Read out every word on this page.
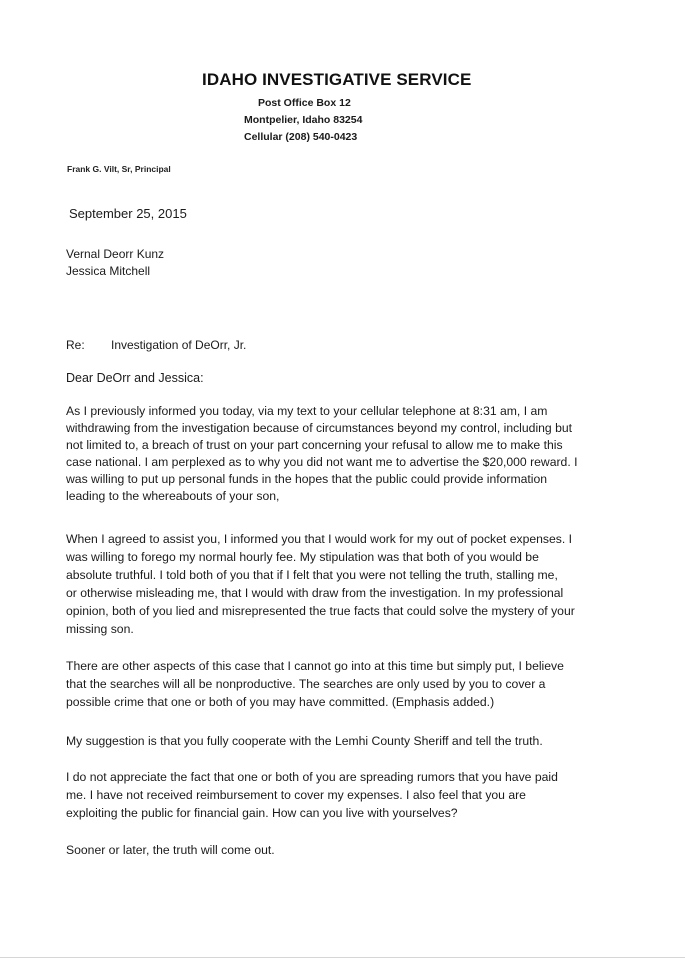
IDAHO INVESTIGATIVE SERVICE
Post Office Box 12
Montpelier, Idaho 83254
Cellular (208) 540-0423
Frank G. Vilt, Sr, Principal
September 25, 2015
Vernal Deorr Kunz
Jessica Mitchell
Re: Investigation of DeOrr, Jr.
Dear DeOrr and Jessica:
As I previously informed you today, via my text to your cellular telephone at 8:31 am, I am
withdrawing from the investigation because of circumstances beyond my control, including but
not limited to, a breach of trust on your part concerning your refusal to allow me to make this
case national. I am perplexed as to why you did not want me to advertise the $20,000 reward. I
was willing to put up personal funds in the hopes that the public could provide information
leading to the whereabouts of your son,
When I agreed to assist you, I informed you that I would work for my out of pocket expenses. I
was willing to forego my normal hourly fee. My stipulation was that both of you would be
absolute truthful. I told both of you that if I felt that you were not telling the truth, stalling me,
or otherwise misleading me, that I would with draw from the investigation. In my professional
opinion, both of you lied and misrepresented the true facts that could solve the mystery of your
missing son.
There are other aspects of this case that I cannot go into at this time but simply put, I believe
that the searches will all be nonproductive. The searches are only used by you to cover a
possible crime that one or both of you may have committed. (Emphasis added.)
My suggestion is that you fully cooperate with the Lemhi County Sheriff and tell the truth.
I do not appreciate the fact that one or both of you are spreading rumors that you have paid
me. I have not received reimbursement to cover my expenses. I also feel that you are
exploiting the public for financial gain. How can you live with yourselves?
Sooner or later, the truth will come out.
